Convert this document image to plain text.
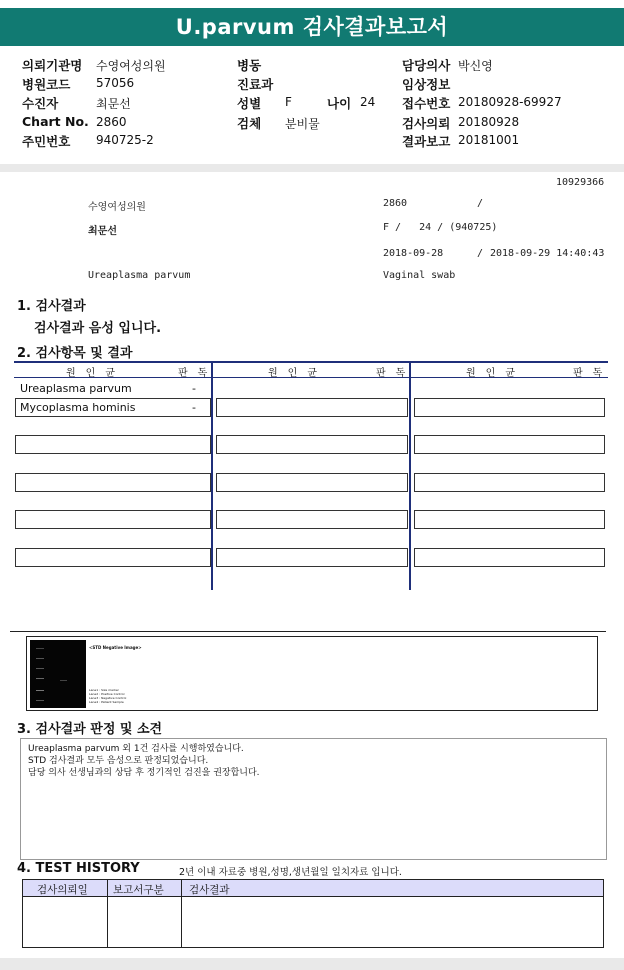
U.parvum 검사결과보고서
의뢰기관명 수영여성의원
병원코드 57056
수진자	최문선
Chart No. 2860
주민번호 940725-2
병동
진료과
성별 F	나이 24
검체 분비물
담당의사 박신영
임상정보
접수번호 20180928-69927
검사의뢰 20180928
결과보고 20181001
10929366
수영여성의원	2860	/
최문선	F /   24 / (940725)
2018-09-28	/ 2018-09-29 14:40:43
Ureaplasma parvum	Vaginal swab
1. 검사결과
검사결과 음성 입니다.
2. 검사항목 및 결과
원 인 균	판 독	원 인 균	판 독	원 인 균	판 독
Ureaplasma parvum	-
Mycoplasma hominis	-
<STD Negative Image>
Lane1 : Size marker
Lane2 : Positive Control
Lane3 : Negative Control
Lane4 : Patient Sample
3. 검사결과 판정 및 소견
Ureaplasma parvum 외 1건 검사를 시행하였습니다.
STD 검사결과 모두 음성으로 판정되었습니다.
담당 의사 선생님과의 상담 후 정기적인 검진을 권장합니다.
4. TEST HISTORY	2년 이내 자료중 병원,성명,생년월일 일치자료 입니다.
검사의뢰일 보고서구분 검사결과
